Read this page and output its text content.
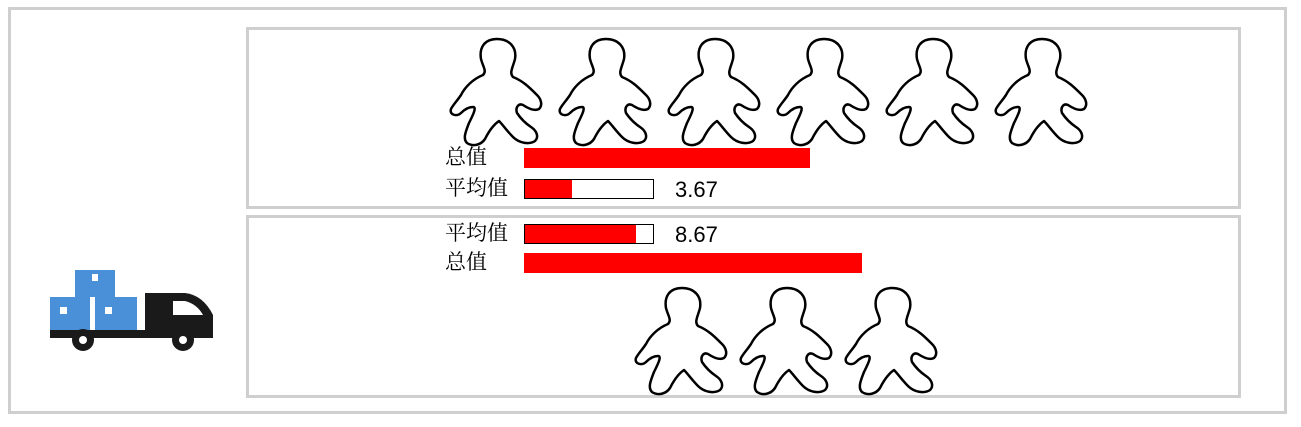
总值
平均值	3.67
总值
平均值	8.67
